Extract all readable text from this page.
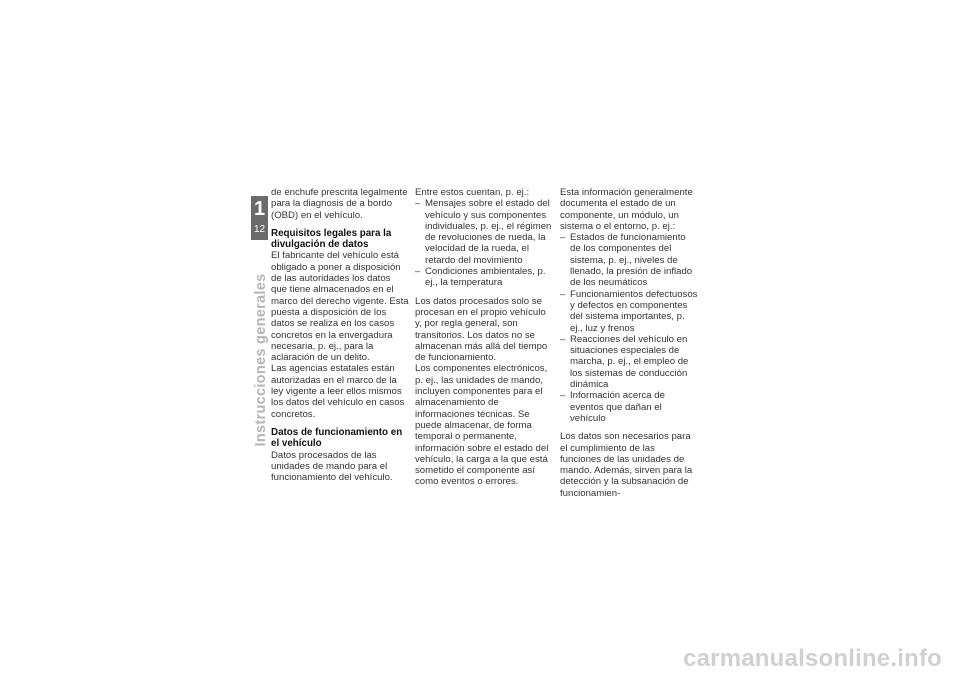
1
12
Instrucciones generales

de enchufe prescrita legalmente para la diagnosis de a bordo (OBD) en el vehículo.

Requisitos legales para la divulgación de datos

El fabricante del vehículo está obligado a poner a disposición de las autoridades los datos que tiene almacenados en el marco del derecho vigente. Esta puesta a disposición de los datos se realiza en los casos concretos en la envergadura necesaria, p. ej., para la aclaración de un delito.

Las agencias estatales están autorizadas en el marco de la ley vigente a leer ellos mismos los datos del vehículo en casos concretos.

Datos de funcionamiento en el vehículo

Datos procesados de las unidades de mando para el funcionamiento del vehículo.

Entre estos cuentan, p. ej.:

– Mensajes sobre el estado del vehículo y sus componentes individuales, p. ej., el régimen de revoluciones de rueda, la velocidad de la rueda, el retardo del movimiento
– Condiciones ambientales, p. ej., la temperatura

Los datos procesados solo se procesan en el propio vehículo y, por regla general, son transitorios. Los datos no se almacenan más allá del tiempo de funcionamiento.

Los componentes electrónicos, p. ej., las unidades de mando, incluyen componentes para el almacenamiento de informaciones técnicas. Se puede almacenar, de forma temporal o permanente, información sobre el estado del vehículo, la carga a la que está sometido el componente así como eventos o errores.

Esta información generalmente documenta el estado de un componente, un módulo, un sistema o el entorno, p. ej.:

– Estados de funcionamiento de los componentes del sistema, p. ej., niveles de llenado, la presión de inflado de los neumáticos
– Funcionamientos defectuosos y defectos en componentes del sistema importantes, p. ej., luz y frenos
– Reacciones del vehículo en situaciones especiales de marcha, p. ej., el empleo de los sistemas de conducción dinámica
– Información acerca de eventos que dañan el vehículo

Los datos son necesarios para el cumplimiento de las funciones de las unidades de mando. Además, sirven para la detección y la subsanación de funcionamien-

carmanualsonline.info
